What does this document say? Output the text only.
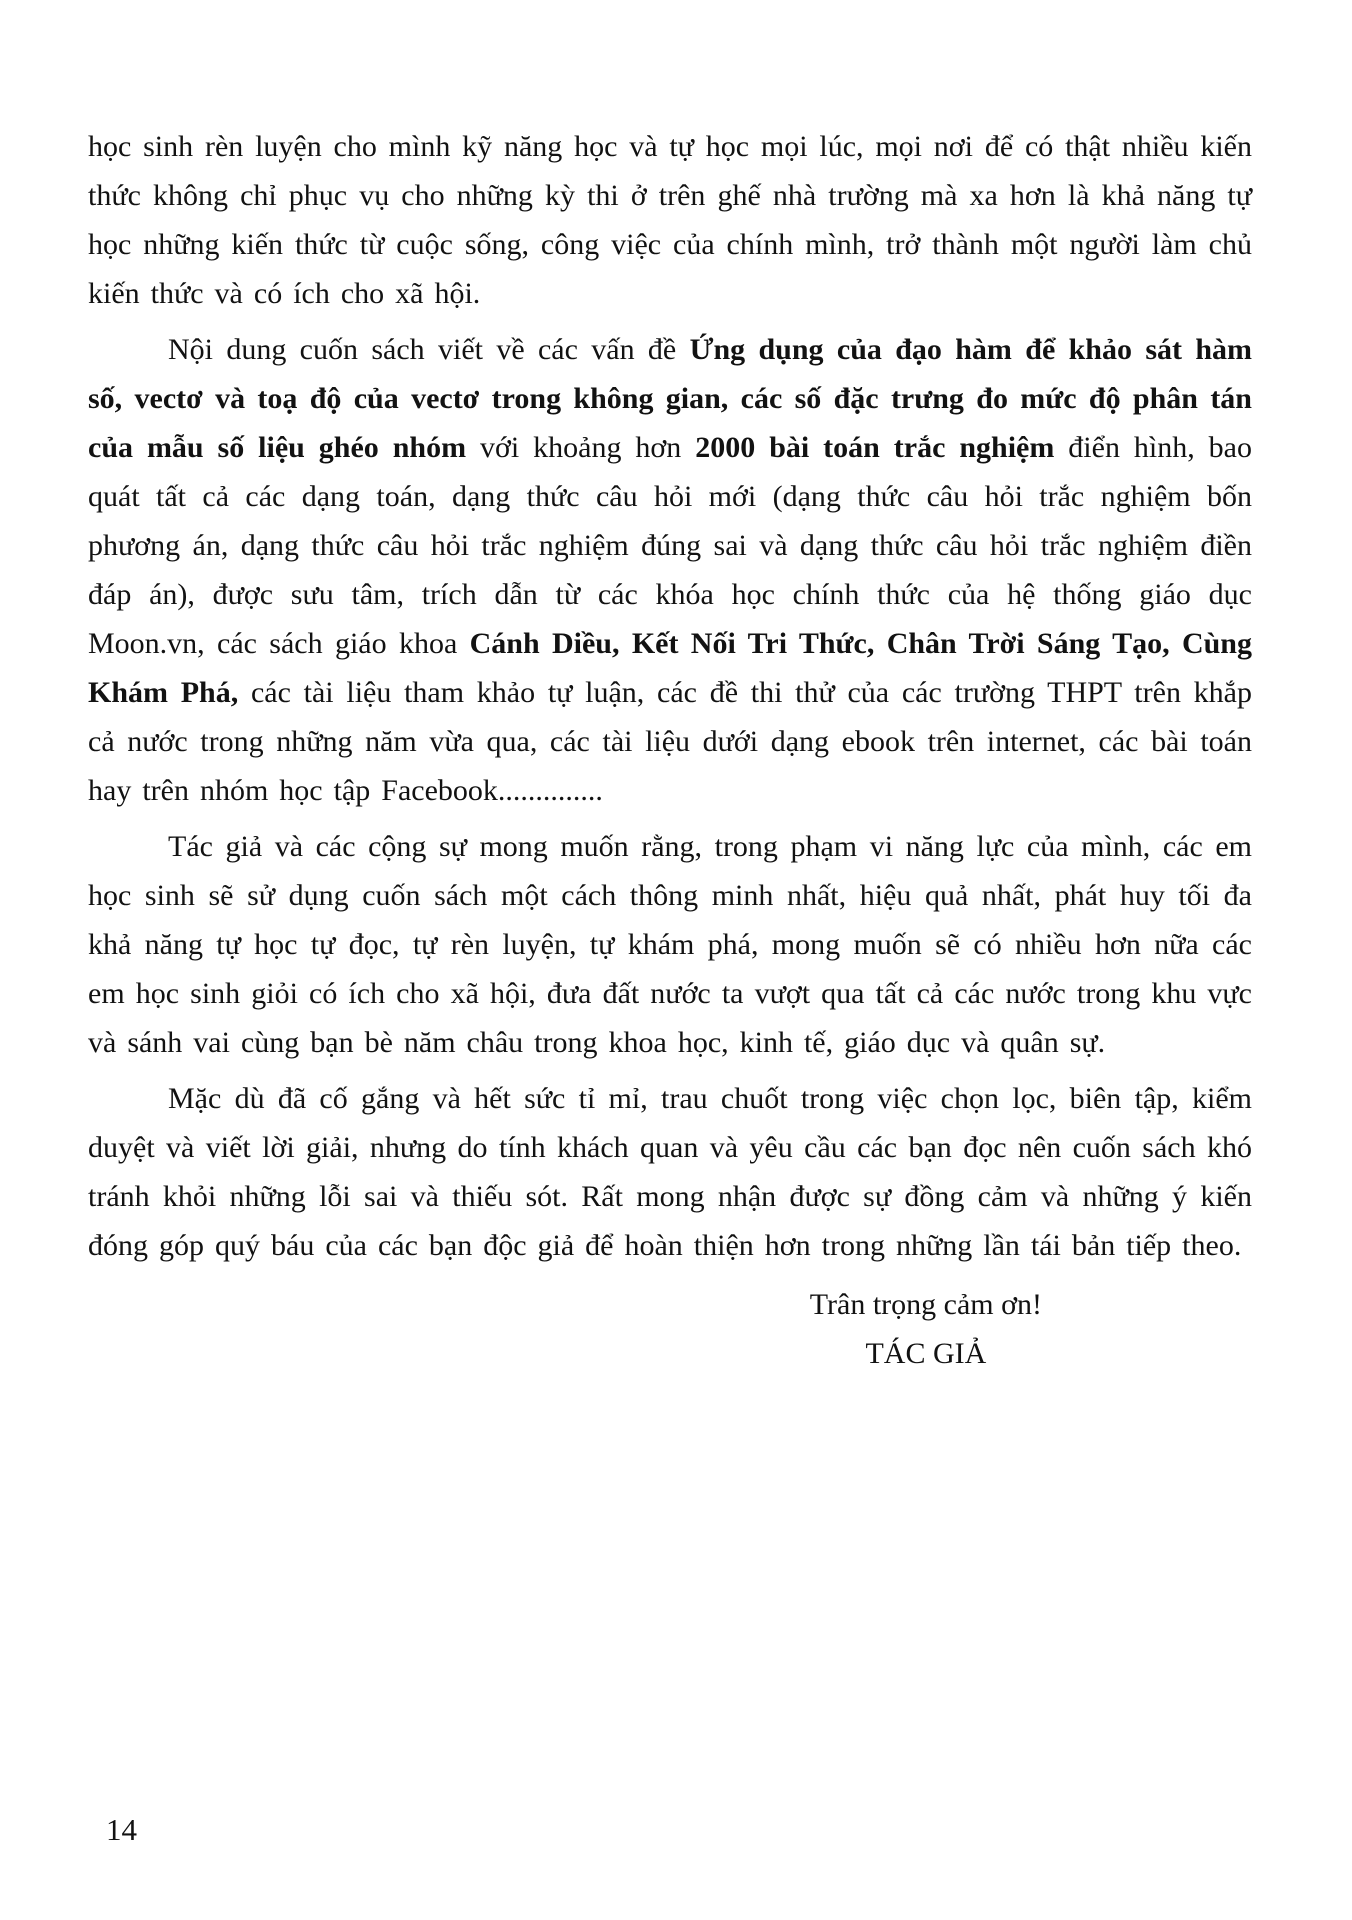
học sinh rèn luyện cho mình kỹ năng học và tự học mọi lúc, mọi nơi để có thật nhiều kiến thức không chỉ phục vụ cho những kỳ thi ở trên ghế nhà trường mà xa hơn là khả năng tự học những kiến thức từ cuộc sống, công việc của chính mình, trở thành một người làm chủ kiến thức và có ích cho xã hội.

Nội dung cuốn sách viết về các vấn đề Ứng dụng của đạo hàm để khảo sát hàm số, vectơ và toạ độ của vectơ trong không gian, các số đặc trưng đo mức độ phân tán của mẫu số liệu ghéo nhóm với khoảng hơn 2000 bài toán trắc nghiệm điển hình, bao quát tất cả các dạng toán, dạng thức câu hỏi mới (dạng thức câu hỏi trắc nghiệm bốn phương án, dạng thức câu hỏi trắc nghiệm đúng sai và dạng thức câu hỏi trắc nghiệm điền đáp án), được sưu tâm, trích dẫn từ các khóa học chính thức của hệ thống giáo dục Moon.vn, các sách giáo khoa Cánh Diều, Kết Nối Tri Thức, Chân Trời Sáng Tạo, Cùng Khám Phá, các tài liệu tham khảo tự luận, các đề thi thử của các trường THPT trên khắp cả nước trong những năm vừa qua, các tài liệu dưới dạng ebook trên internet, các bài toán hay trên nhóm học tập Facebook..............

Tác giả và các cộng sự mong muốn rằng, trong phạm vi năng lực của mình, các em học sinh sẽ sử dụng cuốn sách một cách thông minh nhất, hiệu quả nhất, phát huy tối đa khả năng tự học tự đọc, tự rèn luyện, tự khám phá, mong muốn sẽ có nhiều hơn nữa các em học sinh giỏi có ích cho xã hội, đưa đất nước ta vượt qua tất cả các nước trong khu vực và sánh vai cùng bạn bè năm châu trong khoa học, kinh tế, giáo dục và quân sự.

Mặc dù đã cố gắng và hết sức tỉ mỉ, trau chuốt trong việc chọn lọc, biên tập, kiểm duyệt và viết lời giải, nhưng do tính khách quan và yêu cầu các bạn đọc nên cuốn sách khó tránh khỏi những lỗi sai và thiếu sót. Rất mong nhận được sự đồng cảm và những ý kiến đóng góp quý báu của các bạn độc giả để hoàn thiện hơn trong những lần tái bản tiếp theo.

Trân trọng cảm ơn!
TÁC GIẢ
14
